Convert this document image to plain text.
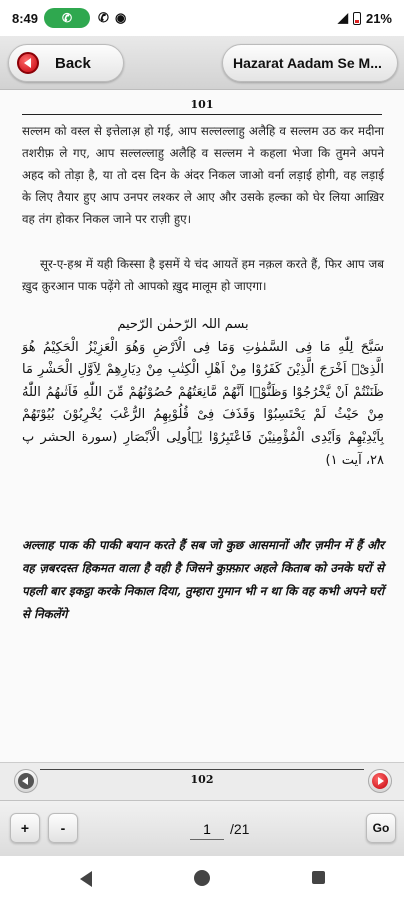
8:49	✆	✆ ◉	◢ 21%
Back	Hazarat Aadam Se M...
101

सल्लम को वस्ल से इत्तेलाअ़ हो गई, आप सल्लल्लाहु अलैहि व सल्लम उठ कर मदीना तशरीफ़ ले गए, आप सल्लल्लाहु अलैहि व सल्लम ने कहला भेजा कि तुमने अपने अहद को तोड़ा है, या तो दस दिन के अंदर निकल जाओ वर्ना लड़ाई होगी, वह लड़ाई के लिए तैयार हुए आप उनपर लश्कर ले आए और उसके हल्का को घेर लिया आख़िर वह तंग होकर निकल जाने पर राज़ी हुए।

सूर-ए-हश्र में यही किस्सा है इसमें ये चंद आयतें हम नक़ल करते हैं, फिर आप जब ख़ुद क़ुरआन पाक पढ़ेंगे तो आपको ख़ुद मालूम हो जाएगा।

بسم اللہ الرّحمٰن الرّحیم
سَبَّحَ لِلّٰهِ مَا فِی السَّمٰوٰتِ وَمَا فِی الْاَرْضِ وَهُوَ الْعَزِیْزُ الْحَكِیْمُ هُوَ الَّذِیْۤ اَخْرَجَ الَّذِیْنَ كَفَرُوْا مِنْ اَهْلِ الْكِتٰبِ مِنْ دِیَارِهِمْ لِاَوَّلِ الْحَشْرِ مَا ظَنَنْتُمْ اَنْ یَّخْرُجُوْا وَظَنُّوْۤا اَنَّهُمْ مَّانِعَتُهُمْ حُصُوْنُهُمْ مِّنَ اللّٰهِ فَاَتٰىهُمُ اللّٰهُ مِنْ حَیْثُ لَمْ یَحْتَسِبُوْا وَقَذَفَ فِیْ قُلُوْبِهِمُ الرُّعْبَ یُخْرِبُوْنَ بُیُوْتَهُمْ بِاَیْدِیْهِمْ وَاَیْدِی الْمُؤْمِنِیْنَ فَاعْتَبِرُوْا یٰۤاُولِی الْاَبْصَارِ (سورة الحشر پ ۲۸، آیت ۱)
अल्लाह पाक की पाकी बयान करते हैं सब जो कुछ आसमानों और ज़मीन में हैं और वह ज़बरदस्त हिकमत वाला है वही है जिसने कुफ़्फ़ार अहले किताब को उनके घरों से पहली बार इकट्ठा करके निकाल दिया, तुम्हारा गुमान भी न था कि वह कभी अपने घरों से निकलेंगे
102
+	-
1	/21	Go
